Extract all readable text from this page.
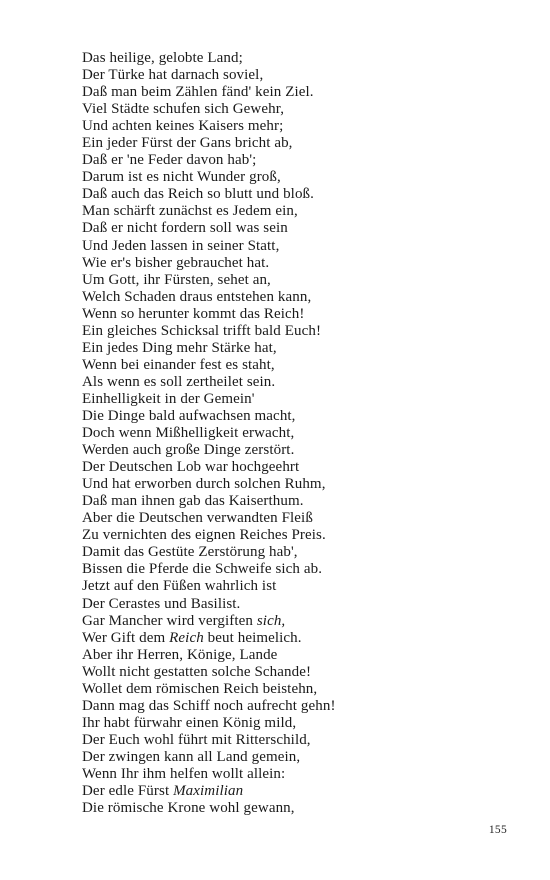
Das heilige, gelobte Land;
Der Türke hat darnach soviel,
Daß man beim Zählen fänd' kein Ziel.
Viel Städte schufen sich Gewehr,
Und achten keines Kaisers mehr;
Ein jeder Fürst der Gans bricht ab,
Daß er 'ne Feder davon hab';
Darum ist es nicht Wunder groß,
Daß auch das Reich so blutt und bloß.
Man schärft zunächst es Jedem ein,
Daß er nicht fordern soll was sein
Und Jeden lassen in seiner Statt,
Wie er's bisher gebrauchet hat.
Um Gott, ihr Fürsten, sehet an,
Welch Schaden draus entstehen kann,
Wenn so herunter kommt das Reich!
Ein gleiches Schicksal trifft bald Euch!
Ein jedes Ding mehr Stärke hat,
Wenn bei einander fest es staht,
Als wenn es soll zertheilet sein.
Einhelligkeit in der Gemein'
Die Dinge bald aufwachsen macht,
Doch wenn Mißhelligkeit erwacht,
Werden auch große Dinge zerstört.
Der Deutschen Lob war hochgeehrt
Und hat erworben durch solchen Ruhm,
Daß man ihnen gab das Kaiserthum.
Aber die Deutschen verwandten Fleiß
Zu vernichten des eignen Reiches Preis.
Damit das Gestüte Zerstörung hab',
Bissen die Pferde die Schweife sich ab.
Jetzt auf den Füßen wahrlich ist
Der Cerastes und Basilist.
Gar Mancher wird vergiften sich,
Wer Gift dem Reich beut heimelich.
Aber ihr Herren, Könige, Lande
Wollt nicht gestatten solche Schande!
Wollet dem römischen Reich beistehn,
Dann mag das Schiff noch aufrecht gehn!
Ihr habt fürwahr einen König mild,
Der Euch wohl führt mit Ritterschild,
Der zwingen kann all Land gemein,
Wenn Ihr ihm helfen wollt allein:
Der edle Fürst Maximilian
Die römische Krone wohl gewann,
155
